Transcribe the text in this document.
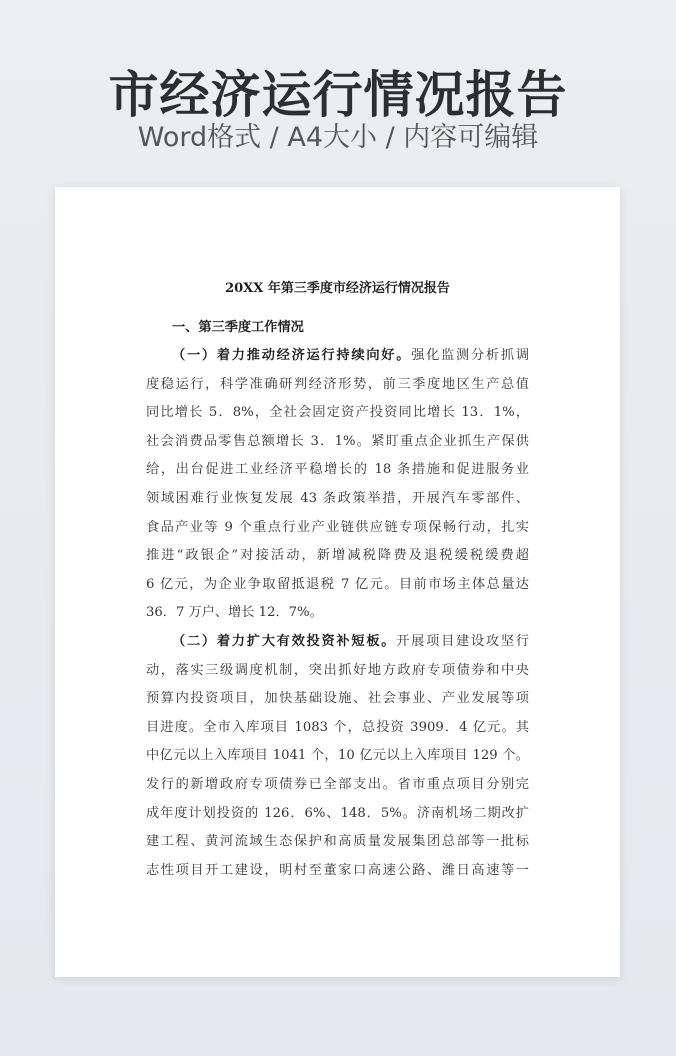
市经济运行情况报告
Word格式 / A4大小 / 内容可编辑
20XX 年第三季度市经济运行情况报告

一、第三季度工作情况

（一）着力推动经济运行持续向好。强化监测分析抓调

度稳运行，科学准确研判经济形势，前三季度地区生产总值

同比增长 5．8%，全社会固定资产投资同比增长 13．1%，

社会消费品零售总额增长 3．1%。紧盯重点企业抓生产保供

给，出台促进工业经济平稳增长的 18 条措施和促进服务业

领域困难行业恢复发展 43 条政策举措，开展汽车零部件、

食品产业等 9 个重点行业产业链供应链专项保畅行动，扎实

推进“政银企”对接活动，新增减税降费及退税缓税缓费超

6 亿元，为企业争取留抵退税 7 亿元。目前市场主体总量达

36．7 万户、增长 12．7%。

（二）着力扩大有效投资补短板。开展项目建设攻坚行

动，落实三级调度机制，突出抓好地方政府专项债券和中央

预算内投资项目，加快基础设施、社会事业、产业发展等项

目进度。全市入库项目 1083 个，总投资 3909．4 亿元。其

中亿元以上入库项目 1041 个，10 亿元以上入库项目 129 个。

发行的新增政府专项债券已全部支出。省市重点项目分别完

成年度计划投资的 126．6%、148．5%。济南机场二期改扩

建工程、黄河流域生态保护和高质量发展集团总部等一批标

志性项目开工建设，明村至董家口高速公路、潍日高速等一
